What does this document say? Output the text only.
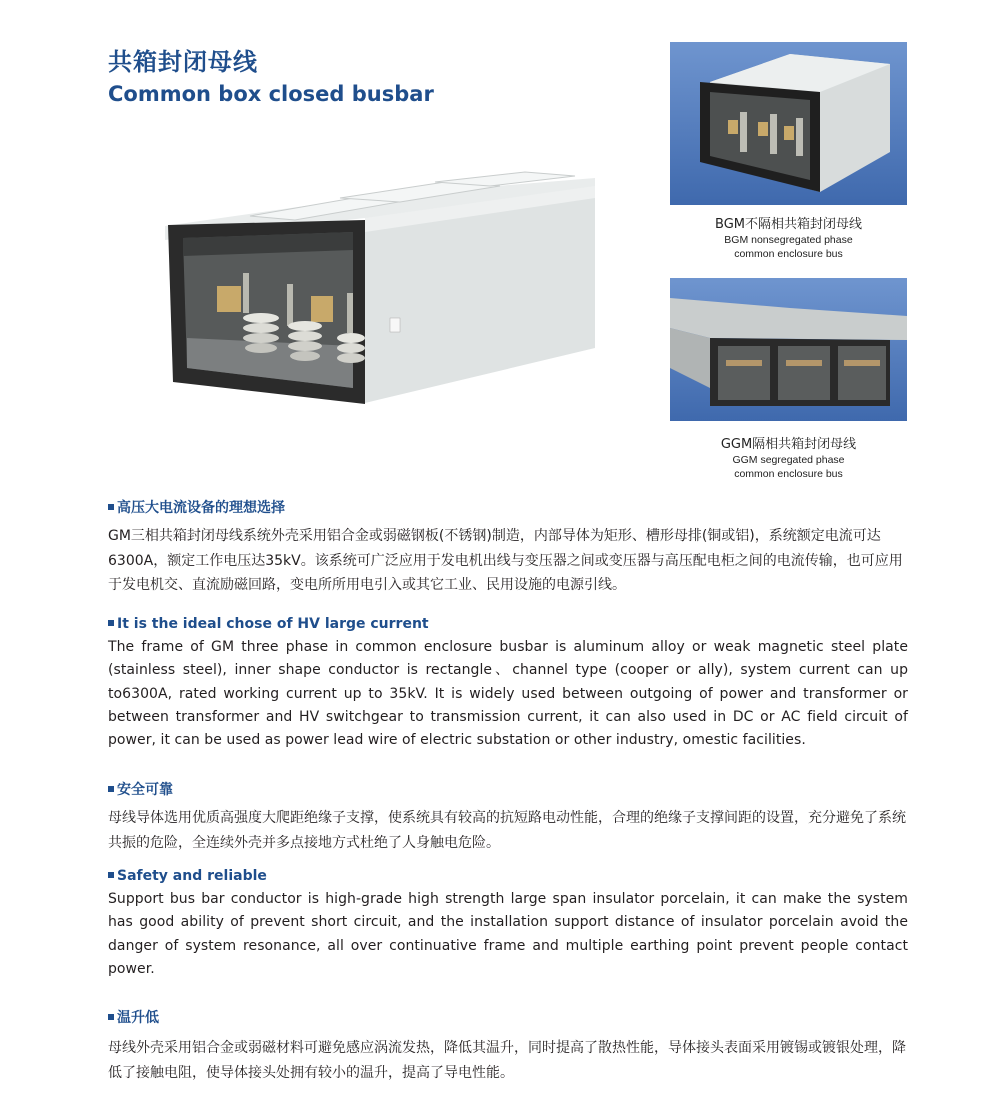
共箱封闭母线
Common box closed busbar
BGM不隔相共箱封闭母线
BGM nonsegregated phase
common enclosure bus
GGM隔相共箱封闭母线
GGM segregated phase
common enclosure bus
高压大电流设备的理想选择
GM三相共箱封闭母线系统外壳采用铝合金或弱磁钢板(不锈钢)制造，内部导体为矩形、槽形母排(铜或铝)，系统额定电流可达6300A，额定工作电压达35kV。该系统可广泛应用于发电机出线与变压器之间或变压器与高压配电柜之间的电流传输，也可应用于发电机交、直流励磁回路，变电所所用电引入或其它工业、民用设施的电源引线。
It is the ideal chose of HV large current
The frame of GM three phase in common enclosure busbar is aluminum alloy or weak magnetic steel plate (stainless steel), inner shape conductor is rectangle、channel type (cooper or ally), system current can up to6300A, rated working current up to 35kV. It is widely used between outgoing of power and transformer or between transformer and HV switchgear to transmission current, it can also used in DC or AC field circuit of power, it can be used as power lead wire of electric substation or other industry, omestic facilities.
安全可靠
母线导体选用优质高强度大爬距绝缘子支撑，使系统具有较高的抗短路电动性能，合理的绝缘子支撑间距的设置，充分避免了系统共振的危险，全连续外壳并多点接地方式杜绝了人身触电危险。
Safety and reliable
Support bus bar conductor is high-grade high strength large span insulator porcelain, it can make the system has good ability of prevent short circuit, and the installation support distance of insulator porcelain avoid the danger of system resonance, all over continuative frame and multiple earthing point prevent people contact power.
温升低
母线外壳采用铝合金或弱磁材料可避免感应涡流发热，降低其温升，同时提高了散热性能，导体接头表面采用镀锡或镀银处理，降低了接触电阻，使导体接头处拥有较小的温升，提高了导电性能。
